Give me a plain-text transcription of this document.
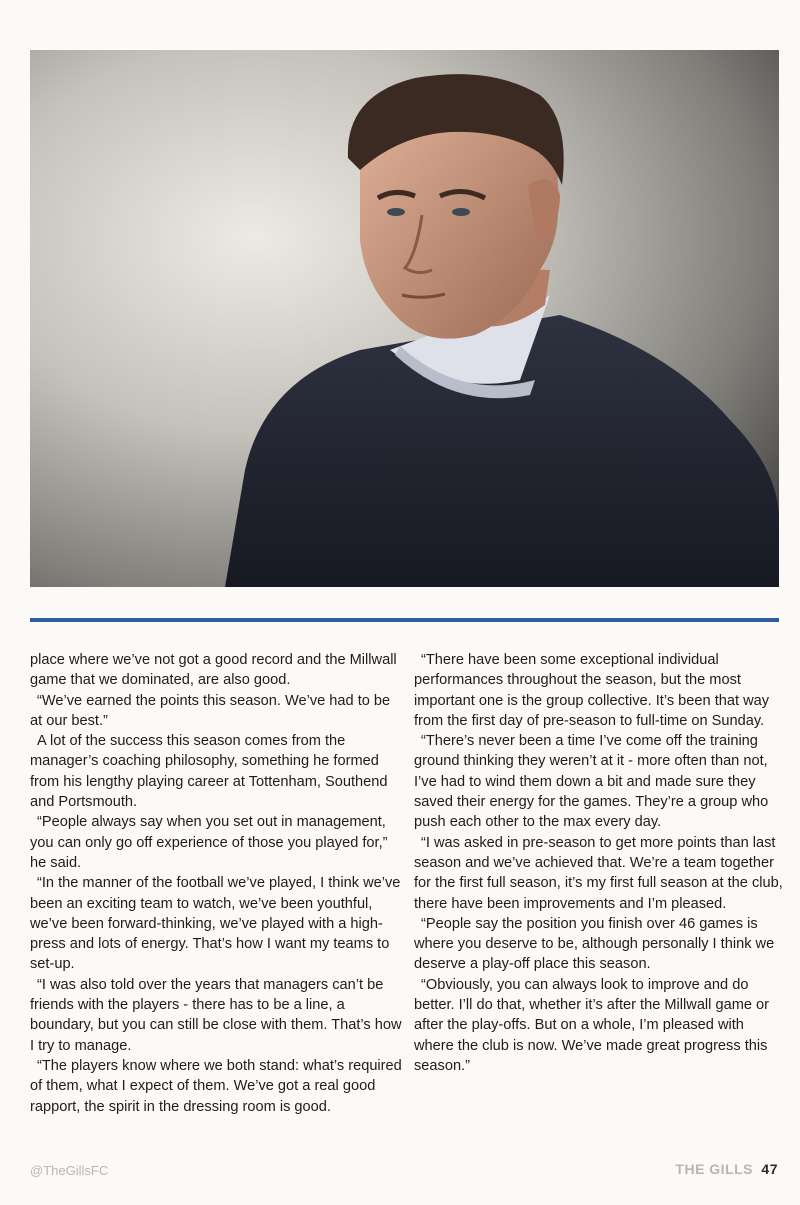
place where we’ve not got a good record and the Millwall game that we dominated, are also good.

“We’ve earned the points this season. We’ve had to be at our best.”

A lot of the success this season comes from the manager’s coaching philosophy, something he formed from his lengthy playing career at Tottenham, Southend and Portsmouth.

“People always say when you set out in management, you can only go off experience of those you played for,” he said.

“In the manner of the football we’ve played, I think we’ve been an exciting team to watch, we’ve been youthful, we’ve been forward-thinking, we’ve played with a high-press and lots of energy. That’s how I want my teams to set-up.

“I was also told over the years that managers can’t be friends with the players - there has to be a line, a boundary, but you can still be close with them. That’s how I try to manage.

“The players know where we both stand: what’s required of them, what I expect of them. We’ve got a real good rapport, the spirit in the dressing room is good.

“There have been some exceptional individual performances throughout the season, but the most important one is the group collective. It’s been that way from the first day of pre-season to full-time on Sunday.

“There’s never been a time I’ve come off the training ground thinking they weren’t at it - more often than not, I’ve had to wind them down a bit and made sure they saved their energy for the games. They’re a group who push each other to the max every day.

“I was asked in pre-season to get more points than last season and we’ve achieved that. We’re a team together for the first full season, it’s my first full season at the club, there have been improvements and I’m pleased.

“People say the position you finish over 46 games is where you deserve to be, although personally I think we deserve a play-off place this season.

“Obviously, you can always look to improve and do better. I’ll do that, whether it’s after the Millwall game or after the play-offs. But on a whole, I’m pleased with where the club is now. We’ve made great progress this season.”

@TheGillsFC	THE GILLS 47
